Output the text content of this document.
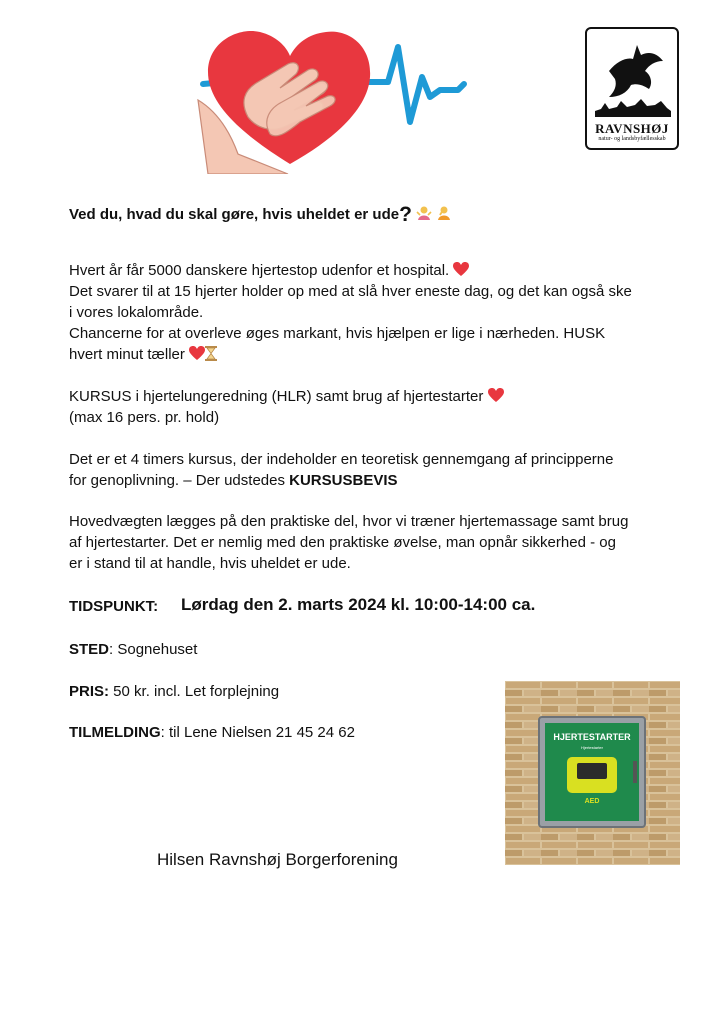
RAVNSHØJ
natur- og landsbyfællesskab
Ved du, hvad du skal gøre, hvis uheldet er ude?

Hvert år får 5000 danskere hjertestop udenfor et hospital.

Det svarer til at 15 hjerter holder op med at slå hver eneste dag, og det kan også ske

i vores lokalområde.

Chancerne for at overleve øges markant, hvis hjælpen er lige i nærheden. HUSK

hvert minut tæller

KURSUS i hjertelungeredning (HLR) samt brug af hjertestarter

(max 16 pers. pr. hold)

Det er et 4 timers kursus, der indeholder en teoretisk gennemgang af principperne

for genoplivning. – Der udstedes KURSUSBEVIS

Hovedvægten lægges på den praktiske del, hvor vi træner hjertemassage samt brug

af hjertestarter. Det er nemlig med den praktiske øvelse, man opnår sikkerhed - og

er i stand til at handle, hvis uheldet er ude.

TIDSPUNKT: Lørdag den 2. marts 2024 kl. 10:00-14:00 ca.
STED: Sognehuset
PRIS: 50 kr. incl. Let forplejning
TILMELDING: til Lene Nielsen 21 45 24 62	HJERTESTARTER
Hjertestarter
AED
Hilsen Ravnshøj Borgerforening
